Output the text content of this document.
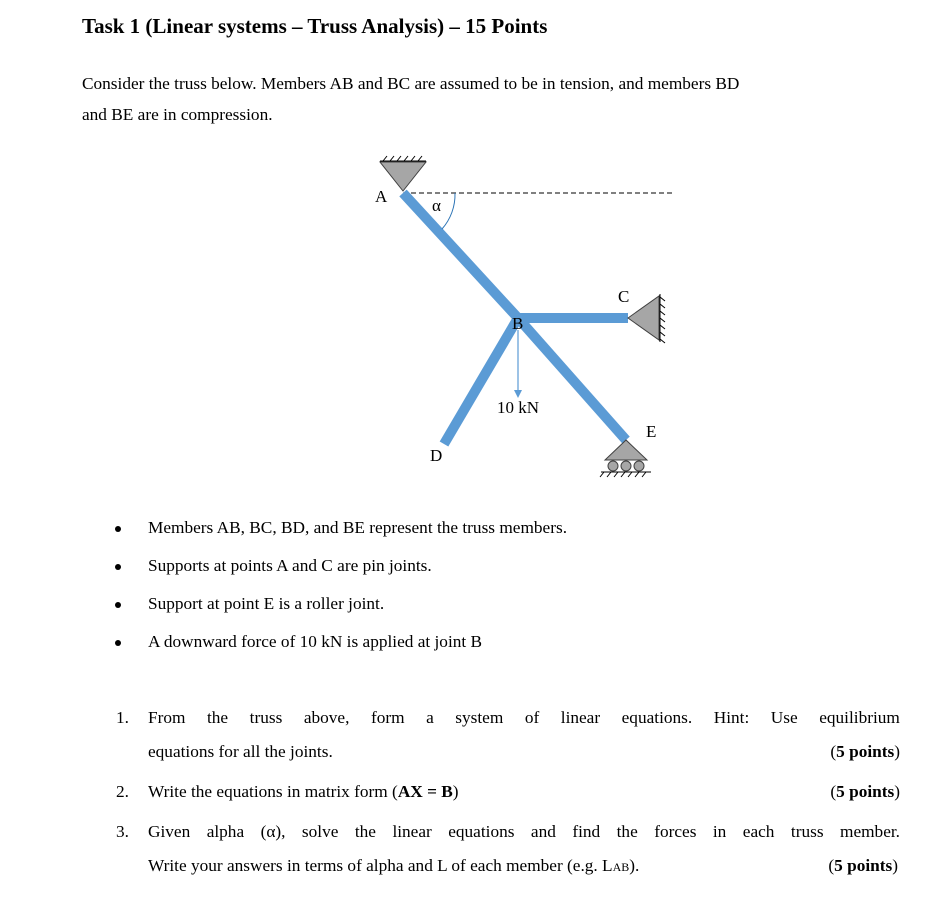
Task 1 (Linear systems – Truss Analysis) – 15 Points

Consider the truss below. Members AB and BC are assumed to be in tension, and members BD
and BE are in compression.

A	α
B
C
10 kN
E
D
Members AB, BC, BD, and BE represent the truss members.
Supports at points A and C are pin joints.
Support at point E is a roller joint.
A downward force of 10 kN is applied at joint B
1. From the truss above, form a system of linear equations. Hint: Use equilibrium
equations for all the joints.	(5 points)
2. Write the equations in matrix form (AX = B)	(5 points)
3. Given alpha (α), solve the linear equations and find the forces in each truss member.
Write your answers in terms of alpha and L of each member (e.g. LAB).	(5 points)
